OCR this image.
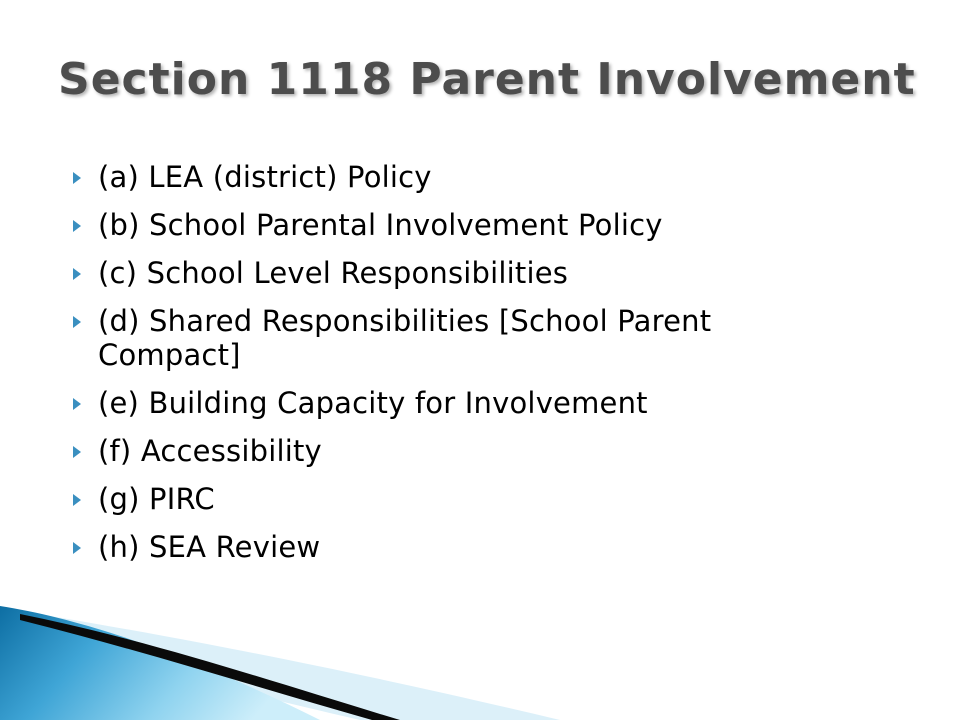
Section 1118 Parent Involvement
(a) LEA (district) Policy
(b) School Parental Involvement Policy
(c) School Level Responsibilities
(d) Shared Responsibilities [School Parent Compact]
(e) Building Capacity for Involvement
(f) Accessibility
(g) PIRC
(h) SEA Review
